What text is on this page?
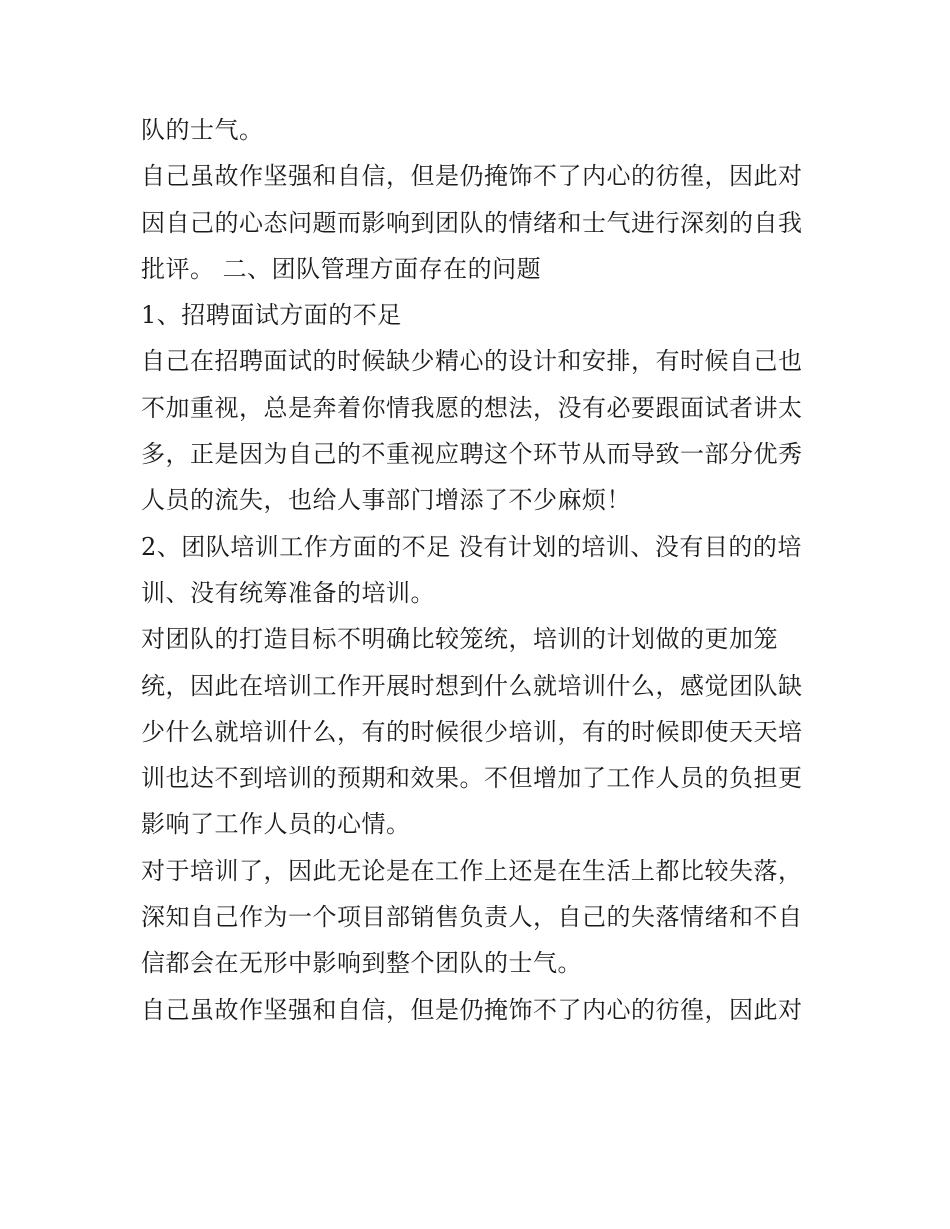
队的士气。
自己虽故作坚强和自信，但是仍掩饰不了内心的彷徨，因此对
因自己的心态问题而影响到团队的情绪和士气进行深刻的自我
批评。 二、团队管理方面存在的问题
1、招聘面试方面的不足
自己在招聘面试的时候缺少精心的设计和安排，有时候自己也
不加重视，总是奔着你情我愿的想法，没有必要跟面试者讲太
多，正是因为自己的不重视应聘这个环节从而导致一部分优秀
人员的流失，也给人事部门增添了不少麻烦！
2、团队培训工作方面的不足 没有计划的培训、没有目的的培
训、没有统筹准备的培训。
对团队的打造目标不明确比较笼统，培训的计划做的更加笼
统，因此在培训工作开展时想到什么就培训什么，感觉团队缺
少什么就培训什么，有的时候很少培训，有的时候即使天天培
训也达不到培训的预期和效果。不但增加了工作人员的负担更
影响了工作人员的心情。
对于培训了，因此无论是在工作上还是在生活上都比较失落，
深知自己作为一个项目部销售负责人，自己的失落情绪和不自
信都会在无形中影响到整个团队的士气。
自己虽故作坚强和自信，但是仍掩饰不了内心的彷徨，因此对
